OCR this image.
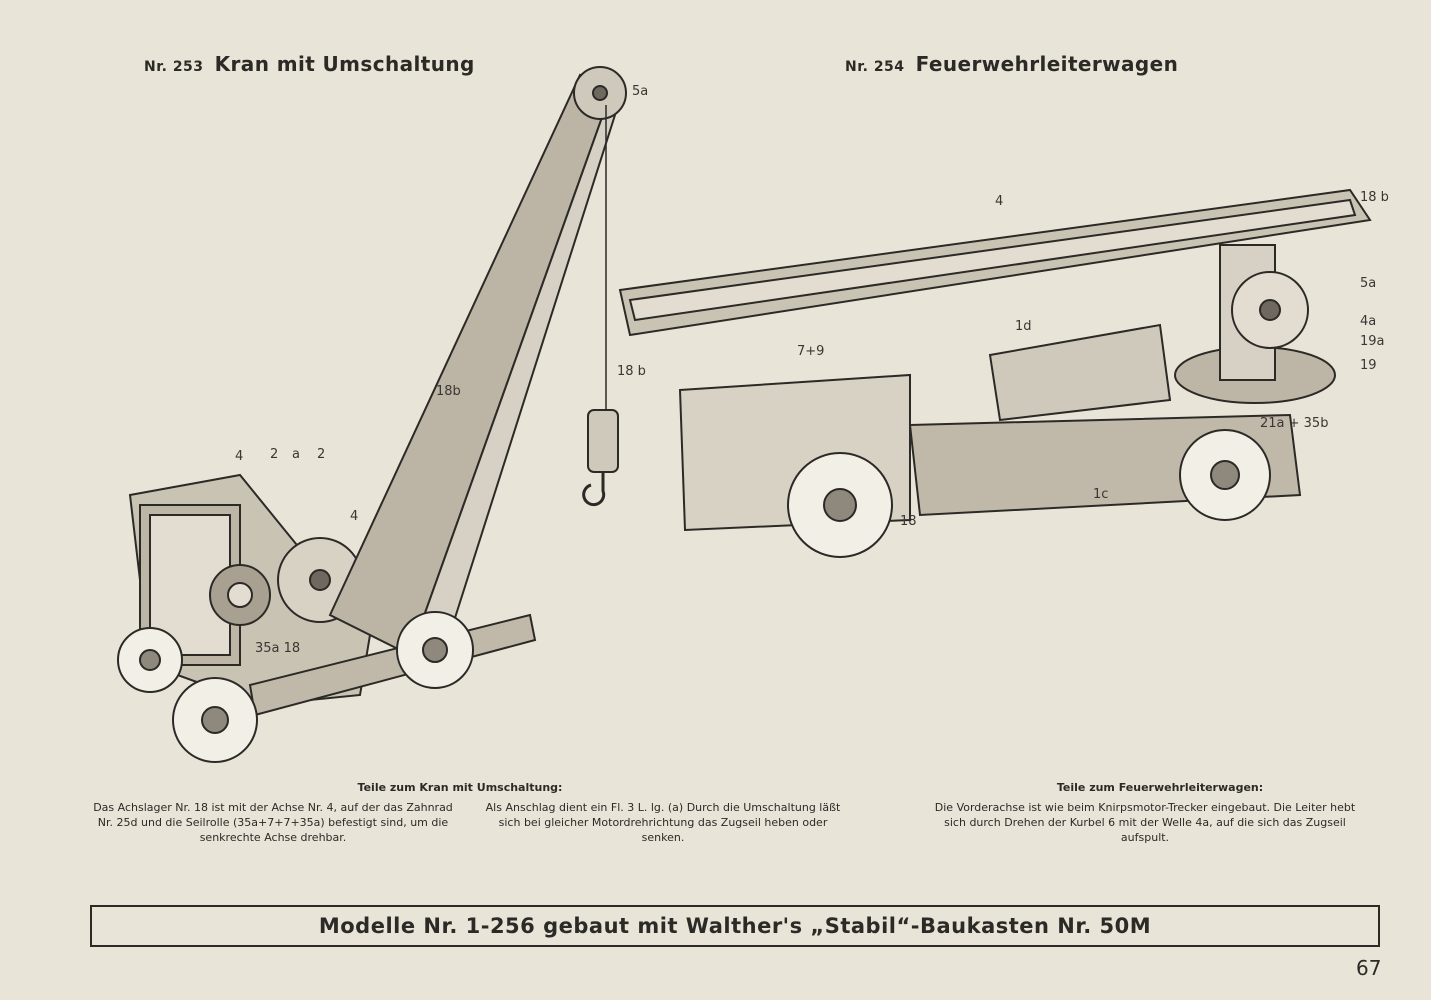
Nr. 253 Kran mit Umschaltung	Nr. 254 Feuerwehrleiterwagen
5a
18b
4 2 a 2
4
35a 18
4	18 b
18 b
5a
4a
19a
19
21a + 35b
1d
7+9
1c
18
Teile zum Kran mit Umschaltung:
Das Achslager Nr. 18 ist mit der Achse Nr. 4, auf der das Zahnrad Nr. 25d und die Seilrolle (35a+7+7+35a) befestigt sind, um die senkrechte Achse drehbar.
Als Anschlag dient ein Fl. 3 L. lg. (a) Durch die Umschaltung läßt sich bei gleicher Motordrehrichtung das Zugseil heben oder senken.
Teile zum Feuerwehrleiterwagen:
Die Vorderachse ist wie beim Knirpsmotor-Trecker eingebaut. Die Leiter hebt sich durch Drehen der Kurbel 6 mit der Welle 4a, auf die sich das Zugseil aufspult.
Modelle Nr. 1-256 gebaut mit Walther's „Stabil“-Baukasten Nr. 50M
67
